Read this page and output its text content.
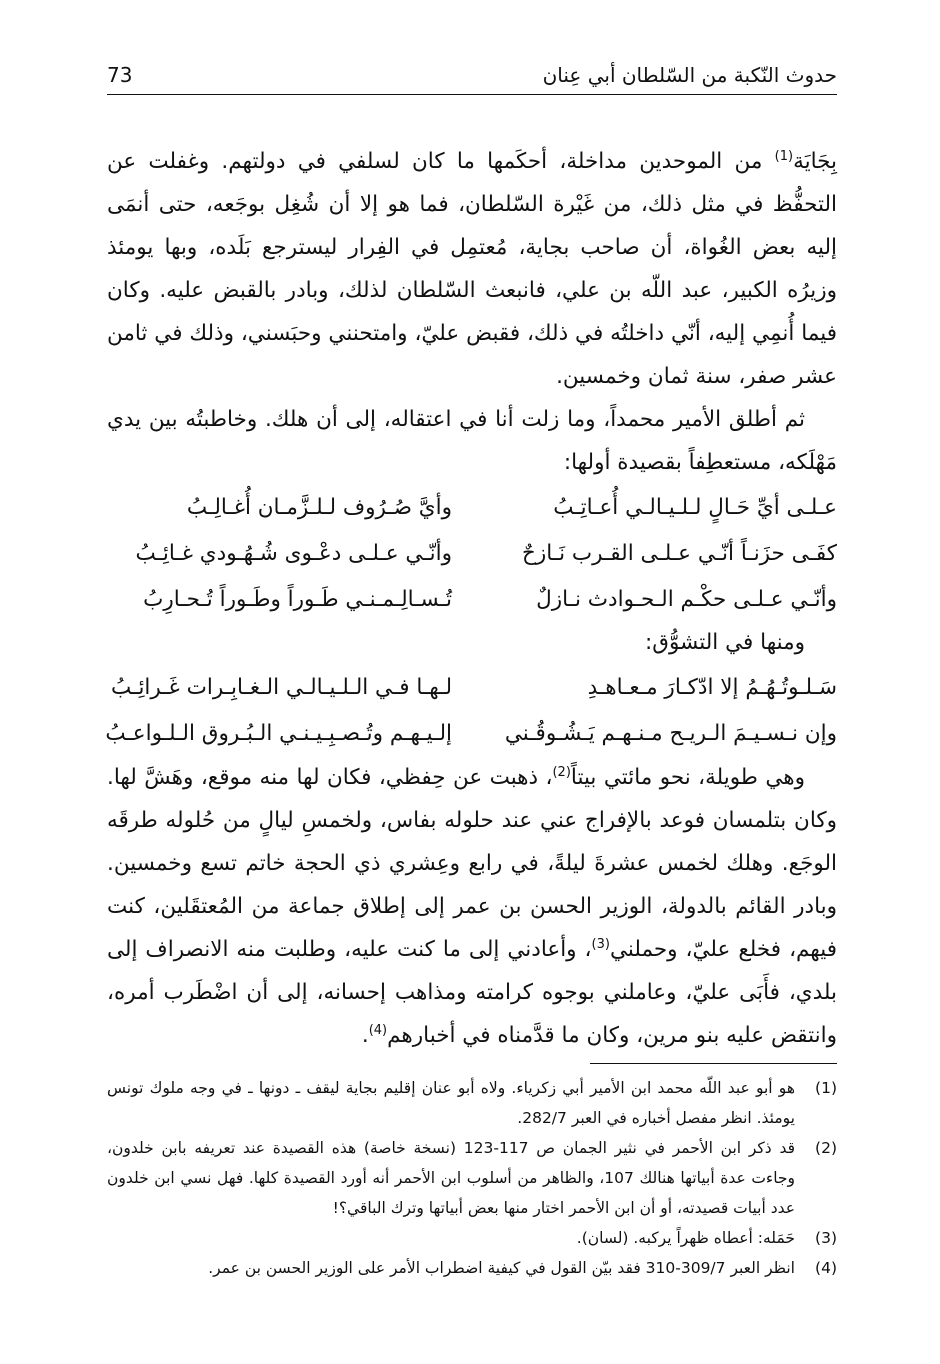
حدوث النّكبة من السّلطان أبي عِنان
73

بِجَايَة$^{(1)}$ من الموحدين مداخلة، أحكَمها ما كان لسلفي في دولتهم. وغفلت عن التحفُّظ في مثل ذلك، من غَيْرة السّلطان، فما هو إلا أن شُغِل بوجَعه، حتى أنمَى إليه بعض الغُواة، أن صاحب بجاية، مُعتمِل في الفِرار ليسترجع بَلَده، وبها يومئذ وزيرُه الكبير، عبد اللّه بن علي، فانبعث السّلطان لذلك، وبادر بالقبض عليه. وكان فيما أُنمِي إليه، أنّي داخلتُه في ذلك، فقبض عليّ، وامتحنني وحبَسني، وذلك في ثامن عشر صفر، سنة ثمان وخمسين.

ثم أطلق الأمير محمداً، وما زلت أنا في اعتقاله، إلى أن هلك. وخاطبتُه بين يدي مَهْلَكه، مستعطِفاً بقصيدة أولها:

عـلـى أيِّ حَـالٍ لـلـيـالـي أُعـاتِـبُ
وأيَّ صُـرُوف لـلـزَّمـان أُغـالِـبُ
كفَـى حزَنـاً أنّـي عـلـى القـرب نَـازحٌ
وأنّـي عـلـى دعْـوى شُـهُـودي غـائِـبُ
وأنّـي عـلـى حكْـم الـحـوادث نـازلٌ
تُـسـالِـمـنـي طَـوراً وطَـوراً تُـحـارِبُ

ومنها في التشوُّق:

سَـلـوتُـهُـمُ إلا ادّكـارَ مـعـاهـدِ
لـهـا فـي الـلـيـالـي الـغـابِـرات غَـرائِـبُ
وإن نـسـيـمَ الـريـح مـنـهـم يَـشُـوقُـني
إلـيـهـم وتُـصـبِـيـنـي الـبُـروق الـلـواعـبُ

وهي طويلة، نحو مائتي بيتاً$^{(2)}$، ذهبت عن حِفظي، فكان لها منه موقع، وهَشَّ لها. وكان بتلمسان فوعد بالإفراج عني عند حلوله بفاس، ولخمسِ ليالٍ من حُلوله طرقَه الوجَع. وهلك لخمس عشرةَ ليلةً، في رابع وعِشري ذي الحجة خاتم تسع وخمسين. وبادر القائم بالدولة، الوزير الحسن بن عمر إلى إطلاق جماعة من المُعتقَلين، كنت فيهم، فخلع عليّ، وحملني$^{(3)}$، وأعادني إلى ما كنت عليه، وطلبت منه الانصراف إلى بلدي، فأَبَى عليّ، وعاملني بوجوه كرامته ومذاهب إحسانه، إلى أن اضْطَرب أمره، وانتقض عليه بنو مرين، وكان ما قدَّمناه في أخبارهم$^{(4)}$.

(1)
هو أبو عبد اللّه محمد ابن الأمير أبي زكرياء. ولاه أبو عنان إقليم بجاية ليقف ـ دونها ـ في وجه ملوك تونس يومئذ. انظر مفصل أخباره في العبر 282/7.
(2)
قد ذكر ابن الأحمر في نثير الجمان ص 117-123 (نسخة خاصة) هذه القصيدة عند تعريفه بابن خلدون، وجاءت عدة أبياتها هنالك 107، والظاهر من أسلوب ابن الأحمر أنه أورد القصيدة كلها. فهل نسي ابن خلدون عدد أبيات قصيدته، أو أن ابن الأحمر اختار منها بعض أبياتها وترك الباقي؟!
(3)
حَمَله: أعطاه ظهراً يركبه. (لسان).
(4)
انظر العبر 309/7-310 فقد بيّن القول في كيفية اضطراب الأمر على الوزير الحسن بن عمر.
